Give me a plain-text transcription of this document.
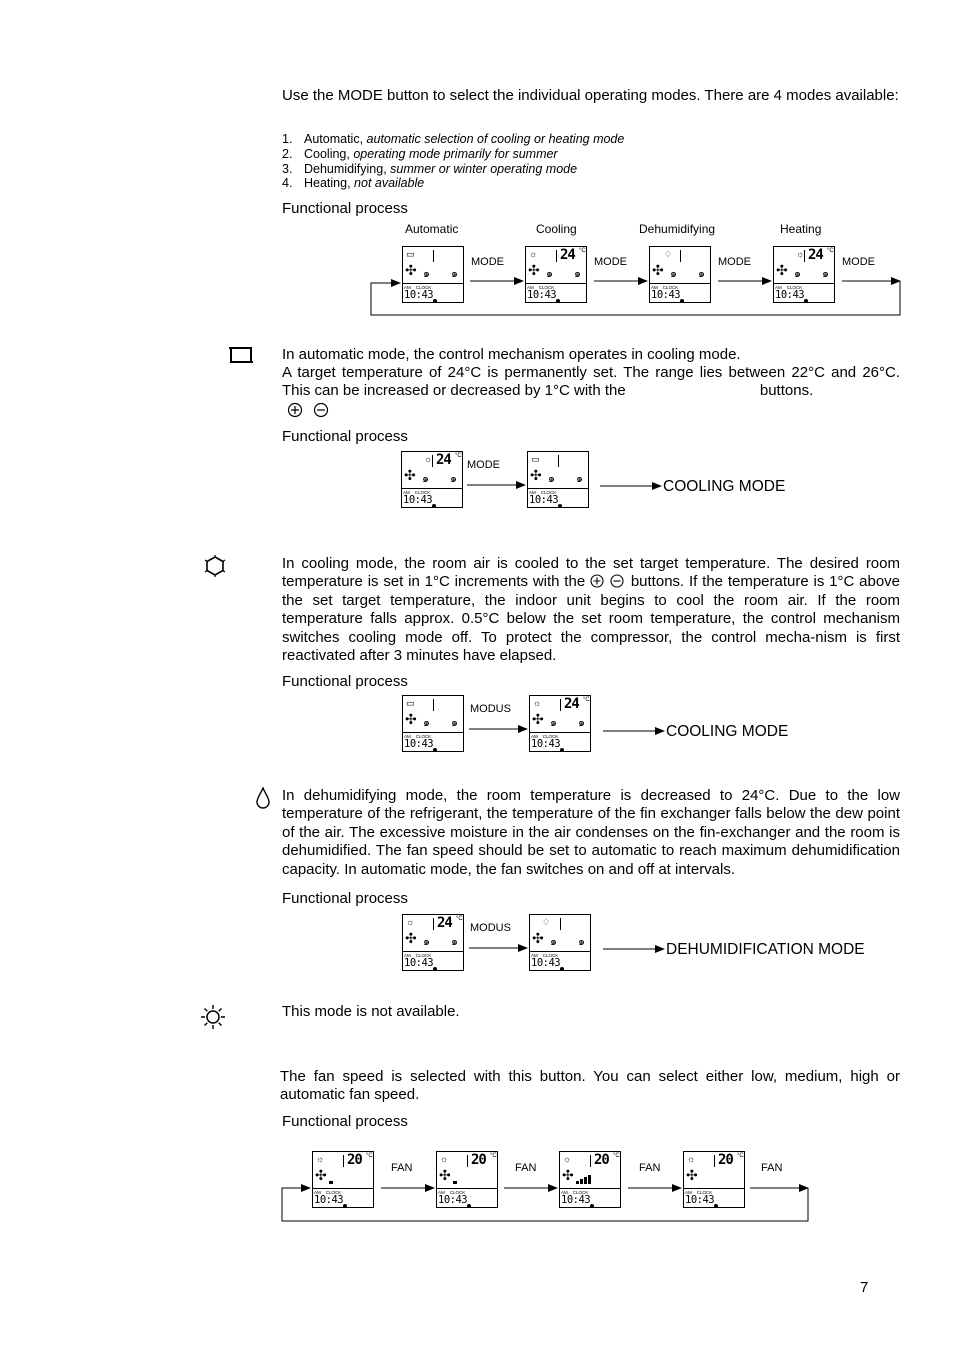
Use the MODE button to select the individual operating modes. There are 4 modes available:
1. Automatic, automatic selection of cooling or heating mode
2. Cooling, operating mode primarily for summer
3. Dehumidifying, summer or winter operating mode
4. Heating, not available
Functional process
Automatic	Cooling	Dehumidifying	Heating
▭
✣ ๑ ๑
AM CLOCK
10:43
☼ 24 °C
✣ ๑ ๑
AM CLOCK
10:43
♢
✣ ๑ ๑
AM CLOCK
10:43
☼ 24 °C
✣ ๑ ๑
AM CLOCK
10:43
MODE	MODE	MODE	MODE
In automatic mode, the control mechanism operates in cooling mode.
A target temperature of 24°C is permanently set. The range lies between 22°C and 26°C. This can be increased or decreased by 1°C with the	buttons.
Functional process
☼ 24 °C
✣ ๑ ๑
AM CLOCK
10:43
MODE	▭
✣ ๑ ๑
AM CLOCK
10:43
COOLING MODE
In cooling mode, the room air is cooled to the set target temperature. The desired room temperature is set in 1°C increments with the	buttons. If the temperature is 1°C above the set target temperature, the indoor unit begins to cool the room air. If the room temperature falls approx. 0.5°C below the set room temperature, the control mechanism switches cooling mode off. To protect the compressor, the control mecha-nism is first reactivated after 3 minutes have elapsed.
Functional process
▭
✣ ๑ ๑
AM CLOCK
10:43
MODUS ☼ 24 °C
✣ ๑ ๑
AM CLOCK
10:43
COOLING MODE
In dehumidifying mode, the room temperature is decreased to 24°C. Due to the low temperature of the refrigerant, the temperature of the fin exchanger falls below the dew point of the air. The excessive moisture in the air condenses on the fin-exchanger and the room is dehumidified. The fan speed should be set to automatic to reach maximum dehumidification capacity. In automatic mode, the fan switches on and off at intervals.
Functional process
☼ 24 °C
✣ ๑ ๑
AM CLOCK
10:43
MODUS	♢
✣ ๑ ๑
AM CLOCK
10:43
DEHUMIDIFICATION MODE
This mode is not available.
The fan speed is selected with this button. You can select either low, medium, high or automatic fan speed.
Functional process
☼ 20 °C
✣
AM CLOCK
10:43
☼ 20 °C
✣
AM CLOCK
10:43
☼ 20 °C
✣
AM CLOCK
10:43
☼ 20 °C
✣
AM CLOCK
10:43
FAN	FAN	FAN	FAN
7
